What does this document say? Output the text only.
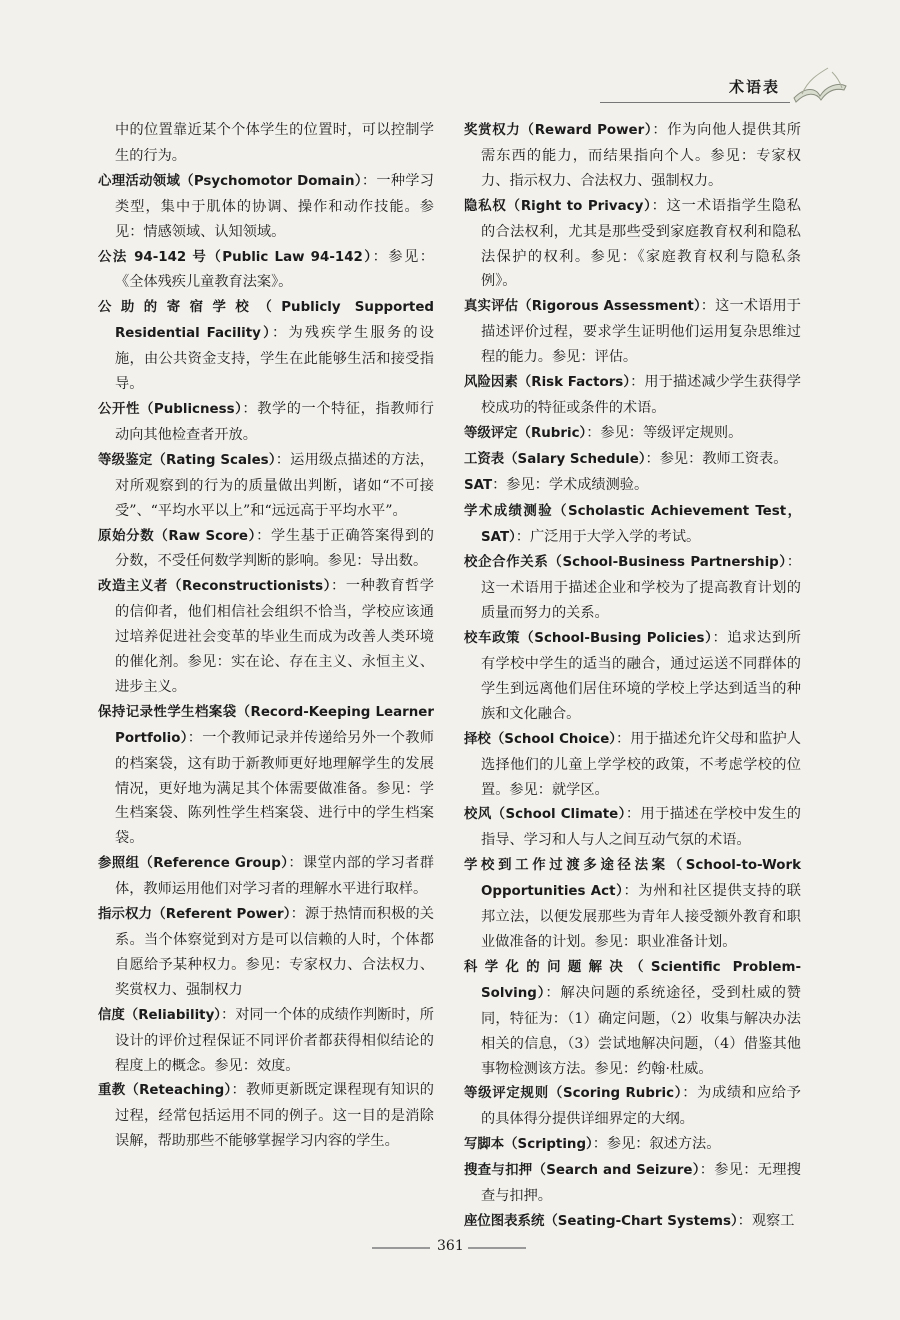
术语表

中的位置靠近某个个体学生的位置时，可以控制学生的行为。

心理活动领域（Psychomotor Domain）：一种学习类型，集中于肌体的协调、操作和动作技能。参见：情感领域、认知领域。

公法 94-142 号（Public Law 94-142）：参见：《全体残疾儿童教育法案》。

公助的寄宿学校（Publicly Supported Residential Facility）：为残疾学生服务的设施，由公共资金支持，学生在此能够生活和接受指导。

公开性（Publicness）：教学的一个特征，指教师行动向其他检查者开放。

等级鉴定（Rating Scales）：运用级点描述的方法，对所观察到的行为的质量做出判断，诸如“不可接受”、“平均水平以上”和“远远高于平均水平”。

原始分数（Raw Score）：学生基于正确答案得到的分数，不受任何数学判断的影响。参见：导出数。

改造主义者（Reconstructionists）：一种教育哲学的信仰者，他们相信社会组织不恰当，学校应该通过培养促进社会变革的毕业生而成为改善人类环境的催化剂。参见：实在论、存在主义、永恒主义、进步主义。

保持记录性学生档案袋（Record-Keeping Learner Portfolio）：一个教师记录并传递给另外一个教师的档案袋，这有助于新教师更好地理解学生的发展情况，更好地为满足其个体需要做准备。参见：学生档案袋、陈列性学生档案袋、进行中的学生档案袋。

参照组（Reference Group）：课堂内部的学习者群体，教师运用他们对学习者的理解水平进行取样。

指示权力（Referent Power）：源于热情而积极的关系。当个体察觉到对方是可以信赖的人时，个体都自愿给予某种权力。参见：专家权力、合法权力、奖赏权力、强制权力

信度（Reliability）：对同一个体的成绩作判断时，所设计的评价过程保证不同评价者都获得相似结论的程度上的概念。参见：效度。

重教（Reteaching）：教师更新既定课程现有知识的过程，经常包括运用不同的例子。这一目的是消除误解，帮助那些不能够掌握学习内容的学生。

奖赏权力（Reward Power）：作为向他人提供其所需东西的能力，而结果指向个人。参见：专家权力、指示权力、合法权力、强制权力。

隐私权（Right to Privacy）：这一术语指学生隐私的合法权利，尤其是那些受到家庭教育权利和隐私法保护的权利。参见：《家庭教育权利与隐私条例》。

真实评估（Rigorous Assessment）：这一术语用于描述评价过程，要求学生证明他们运用复杂思维过程的能力。参见：评估。

风险因素（Risk Factors）：用于描述减少学生获得学校成功的特征或条件的术语。

等级评定（Rubric）：参见：等级评定规则。

工资表（Salary Schedule）：参见：教师工资表。

SAT：参见：学术成绩测验。

学术成绩测验（Scholastic Achievement Test，SAT）：广泛用于大学入学的考试。

校企合作关系（School-Business Partnership）：这一术语用于描述企业和学校为了提高教育计划的质量而努力的关系。

校车政策（School-Busing Policies）：追求达到所有学校中学生的适当的融合，通过运送不同群体的学生到远离他们居住环境的学校上学达到适当的种族和文化融合。

择校（School Choice）：用于描述允许父母和监护人选择他们的儿童上学学校的政策，不考虑学校的位置。参见：就学区。

校风（School Climate）：用于描述在学校中发生的指导、学习和人与人之间互动气氛的术语。

学校到工作过渡多途径法案（School-to-Work Opportunities Act）：为州和社区提供支持的联邦立法，以便发展那些为青年人接受额外教育和职业做准备的计划。参见：职业准备计划。

科学化的问题解决（Scientific Problem-Solving）：解决问题的系统途径，受到杜威的赞同，特征为：（1）确定问题，（2）收集与解决办法相关的信息，（3）尝试地解决问题，（4）借鉴其他事物检测该方法。参见：约翰·杜威。

等级评定规则（Scoring Rubric）：为成绩和应给予的具体得分提供详细界定的大纲。

写脚本（Scripting）：参见：叙述方法。

搜查与扣押（Search and Seizure）：参见：无理搜查与扣押。

座位图表系统（Seating-Chart Systems）：观察工

361
